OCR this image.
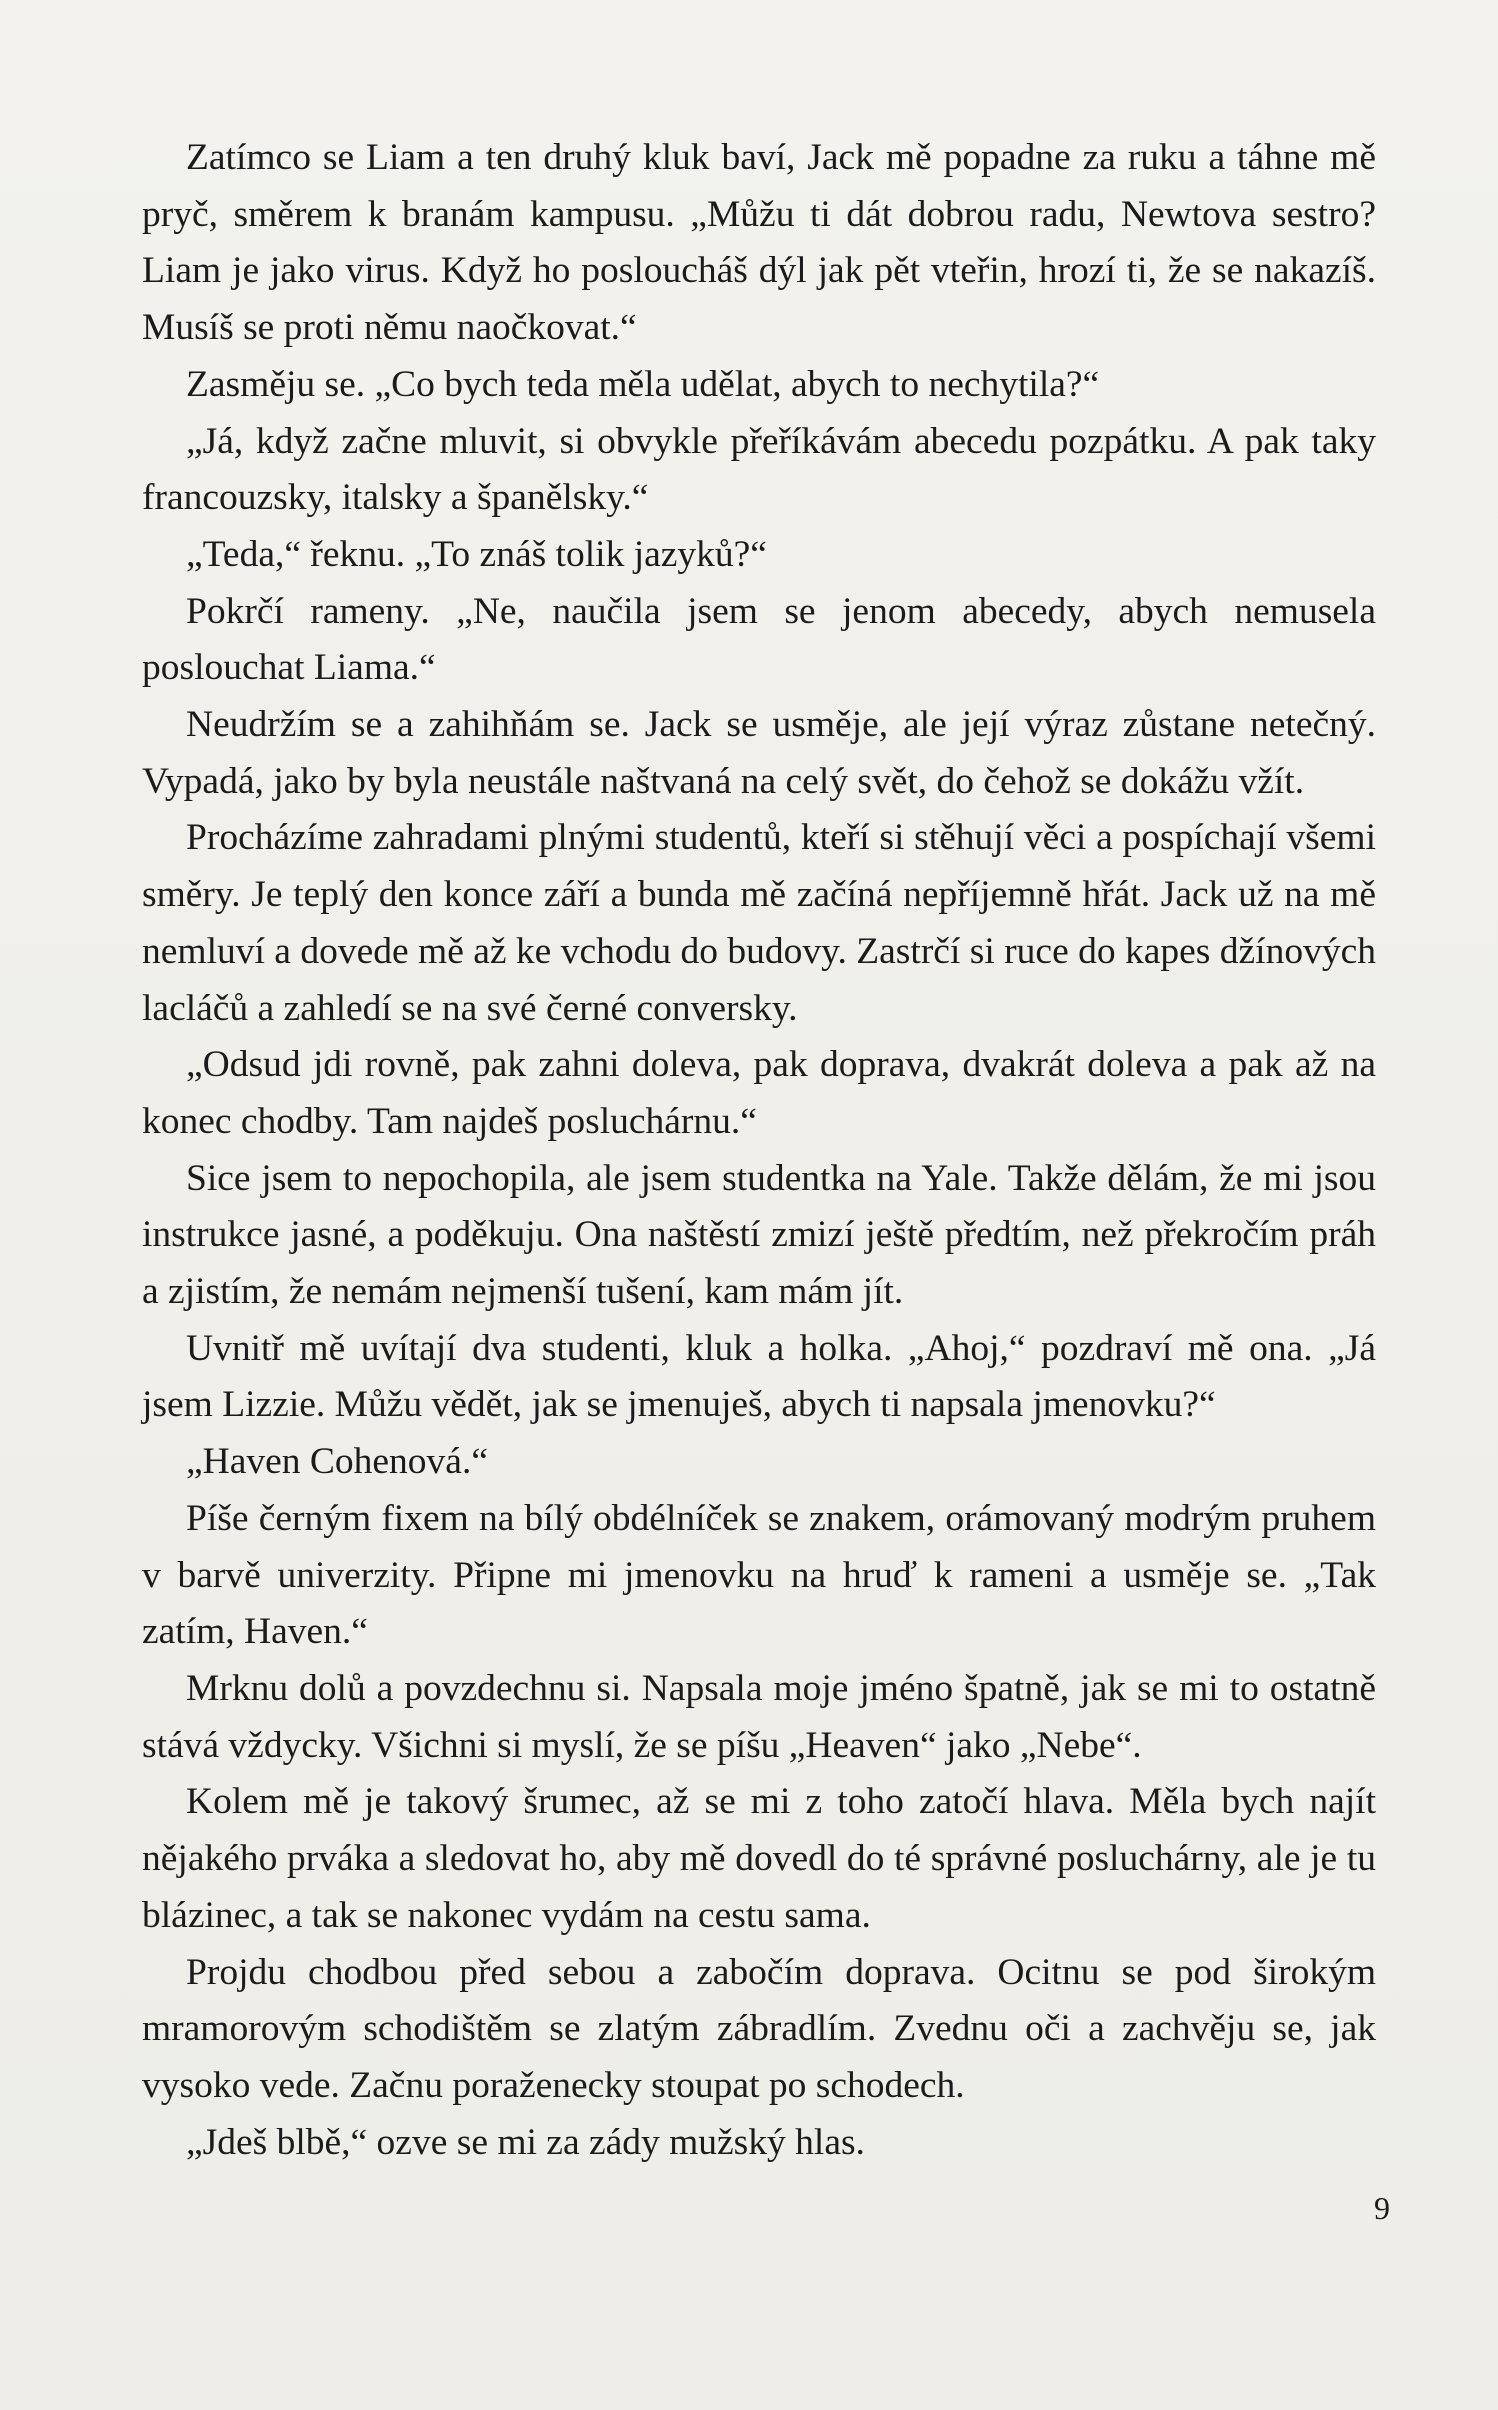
Zatímco se Liam a ten druhý kluk baví, Jack mě popadne za ruku a táhne mě pryč, směrem k branám kampusu. „Můžu ti dát dobrou radu, Newtova sestro? Liam je jako virus. Když ho posloucháš dýl jak pět vteřin, hrozí ti, že se nakazíš. Musíš se proti němu naočkovat.“

Zasměju se. „Co bych teda měla udělat, abych to nechytila?“

„Já, když začne mluvit, si obvykle přeříkávám abecedu pozpátku. A pak taky francouzsky, italsky a španělsky.“

„Teda,“ řeknu. „To znáš tolik jazyků?“

Pokrčí rameny. „Ne, naučila jsem se jenom abecedy, abych nemusela poslouchat Liama.“

Neudržím se a zahihňám se. Jack se usměje, ale její výraz zůstane netečný. Vypadá, jako by byla neustále naštvaná na celý svět, do čehož se dokážu vžít.

Procházíme zahradami plnými studentů, kteří si stěhují věci a pospíchají všemi směry. Je teplý den konce září a bunda mě začíná nepříjemně hřát. Jack už na mě nemluví a dovede mě až ke vchodu do budovy. Zastrčí si ruce do kapes džínových lacláčů a zahledí se na své černé conversky.

„Odsud jdi rovně, pak zahni doleva, pak doprava, dvakrát doleva a pak až na konec chodby. Tam najdeš posluchárnu.“

Sice jsem to nepochopila, ale jsem studentka na Yale. Takže dělám, že mi jsou instrukce jasné, a poděkuju. Ona naštěstí zmizí ještě předtím, než překročím práh a zjistím, že nemám nejmenší tušení, kam mám jít.

Uvnitř mě uvítají dva studenti, kluk a holka. „Ahoj,“ pozdraví mě ona. „Já jsem Lizzie. Můžu vědět, jak se jmenuješ, abych ti napsala jmenovku?“

„Haven Cohenová.“

Píše černým fixem na bílý obdélníček se znakem, orámovaný modrým pruhem v barvě univerzity. Připne mi jmenovku na hruď k rameni a usměje se. „Tak zatím, Haven.“

Mrknu dolů a povzdechnu si. Napsala moje jméno špatně, jak se mi to ostatně stává vždycky. Všichni si myslí, že se píšu „Heaven“ jako „Nebe“.

Kolem mě je takový šrumec, až se mi z toho zatočí hlava. Měla bych najít nějakého prváka a sledovat ho, aby mě dovedl do té správné posluchárny, ale je tu blázinec, a tak se nakonec vydám na cestu sama.

Projdu chodbou před sebou a zabočím doprava. Ocitnu se pod širokým mramorovým schodištěm se zlatým zábradlím. Zvednu oči a zachvěju se, jak vysoko vede. Začnu poraženecky stoupat po schodech.

„Jdeš blbě,“ ozve se mi za zády mužský hlas.

9
